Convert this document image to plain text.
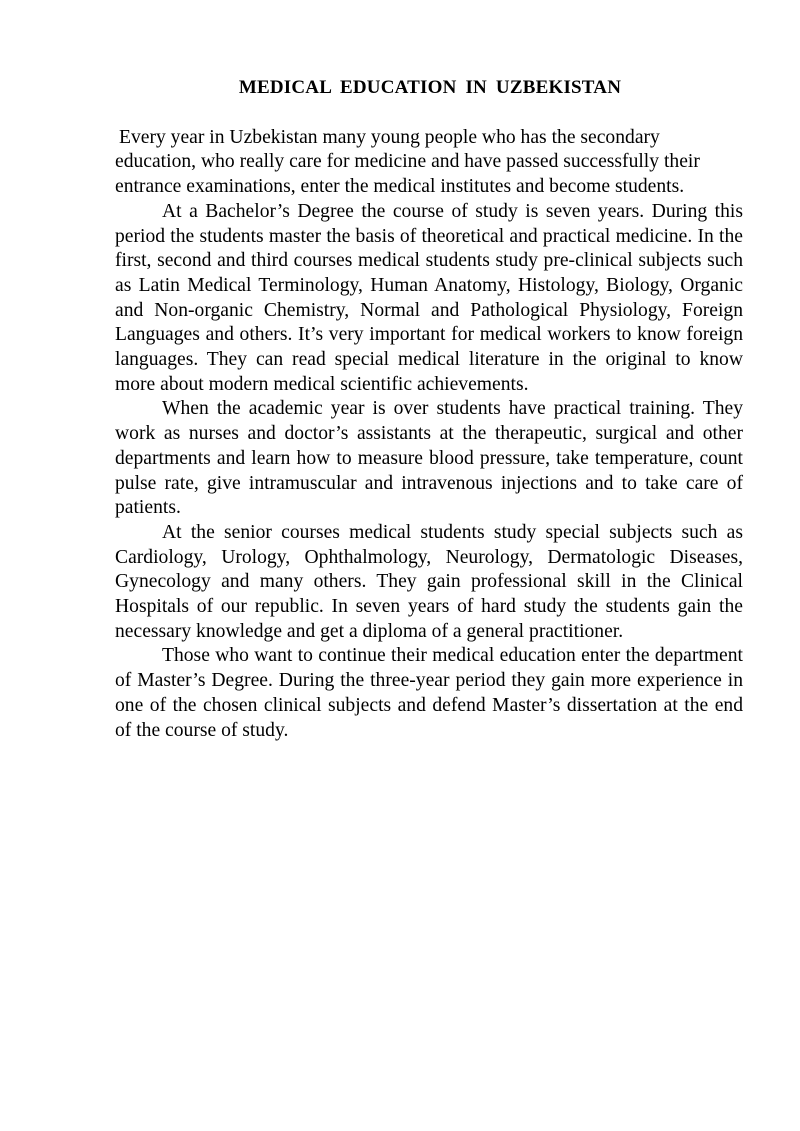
MEDICAL EDUCATION IN UZBEKISTAN

Every year in Uzbekistan many young people who has the secondary education, who really care for medicine and have passed successfully their entrance examinations, enter the medical institutes and become students.

At a Bachelor’s Degree the course of study is seven years. During this period the students master the basis of theoretical and practical medicine. In the first, second and third courses medical students study pre-clinical subjects such as Latin Medical Terminology, Human Anatomy, Histology, Biology, Organic and Non-organic Chemistry, Normal and Pathological Physiology, Foreign Languages and others. It’s very important for medical workers to know foreign languages. They can read special medical literature in the original to know more about modern medical scientific achievements.

When the academic year is over students have practical training. They work as nurses and doctor’s assistants at the therapeutic, surgical and other departments and learn how to measure blood pressure, take temperature, count pulse rate, give intramuscular and intravenous injections and to take care of patients.

At the senior courses medical students study special subjects such as Cardiology, Urology, Ophthalmology, Neurology, Dermatologic Diseases, Gynecology and many others. They gain professional skill in the Clinical Hospitals of our republic. In seven years of hard study the students gain the necessary knowledge and get a diploma of a general practitioner.

Those who want to continue their medical education enter the department of Master’s Degree. During the three-year period they gain more experience in one of the chosen clinical subjects and defend Master’s dissertation at the end of the course of study.
